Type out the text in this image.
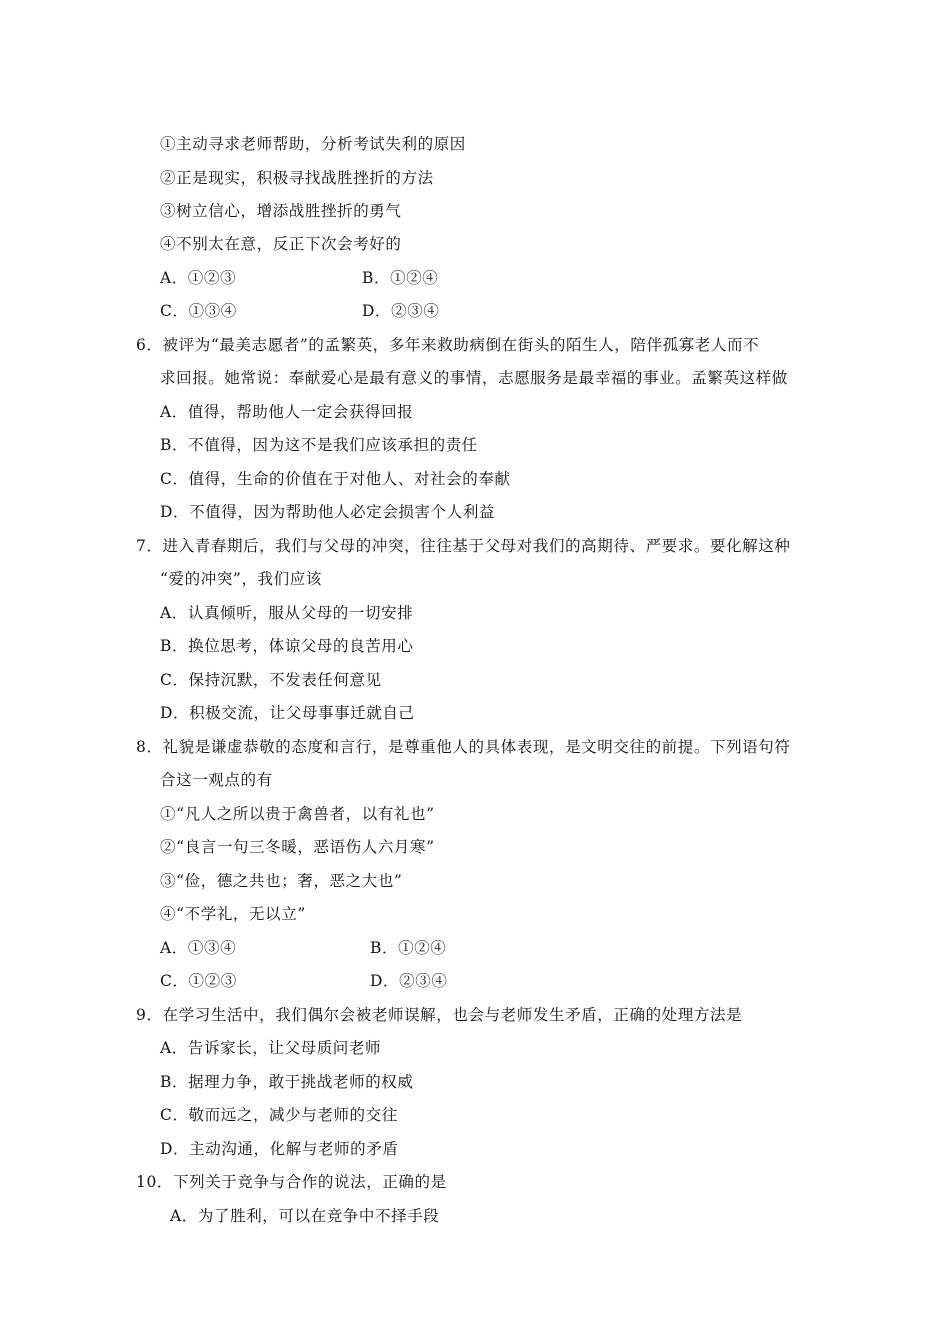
①主动寻求老师帮助，分析考试失利的原因
②正是现实，积极寻找战胜挫折的方法
③树立信心，增添战胜挫折的勇气
④不别太在意，反正下次会考好的
A．①②③	B．①②④
C．①③④	D．②③④
6．被评为“最美志愿者”的孟繁英，多年来救助病倒在街头的陌生人，陪伴孤寡老人而不
求回报。她常说：奉献爱心是最有意义的事情，志愿服务是最幸福的事业。孟繁英这样做
A．值得，帮助他人一定会获得回报
B．不值得，因为这不是我们应该承担的责任
C．值得，生命的价值在于对他人、对社会的奉献
D．不值得，因为帮助他人必定会损害个人利益
7．进入青春期后，我们与父母的冲突，往往基于父母对我们的高期待、严要求。要化解这种
“爱的冲突”，我们应该
A．认真倾听，服从父母的一切安排
B．换位思考，体谅父母的良苦用心
C．保持沉默，不发表任何意见
D．积极交流，让父母事事迁就自己
8．礼貌是谦虚恭敬的态度和言行，是尊重他人的具体表现，是文明交往的前提。下列语句符
合这一观点的有
①“凡人之所以贵于禽兽者，以有礼也”
②“良言一句三冬暖，恶语伤人六月寒”
③“俭，德之共也；奢，恶之大也”
④“不学礼，无以立”
A．①③④	B．①②④
C．①②③	D．②③④
9．在学习生活中，我们偶尔会被老师误解，也会与老师发生矛盾，正确的处理方法是
A．告诉家长，让父母质问老师
B．据理力争，敢于挑战老师的权威
C．敬而远之，减少与老师的交往
D．主动沟通，化解与老师的矛盾
10．下列关于竞争与合作的说法，正确的是
A．为了胜利，可以在竞争中不择手段
